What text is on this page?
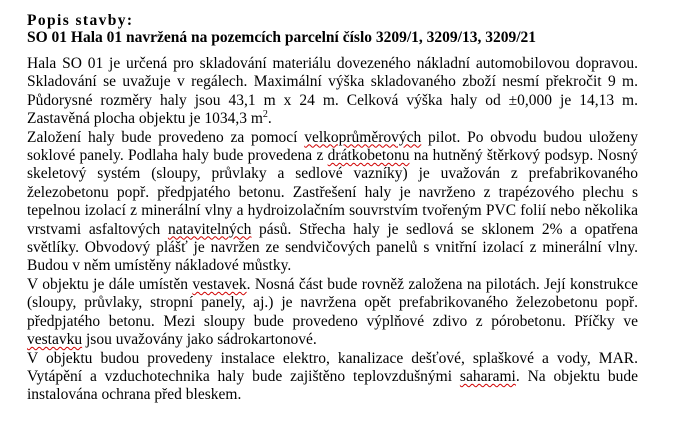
Popis stavby:
SO 01 Hala 01 navržená na pozemcích parcelní číslo 3209/1, 3209/13, 3209/21

Hala SO 01 je určená pro skladování materiálu dovezeného nákladní automobilovou dopravou. Skladování se uvažuje v regálech. Maximální výška skladovaného zboží nesmí překročit 9 m. Půdorysné rozměry haly jsou 43,1 m x 24 m. Celková výška haly od ±0,000 je 14,13 m. Zastavěná plocha objektu je 1034,3 $m^2$.

Založení haly bude provedeno za pomocí velkoprůměrových pilot. Po obvodu budou uloženy soklové panely. Podlaha haly bude provedena z drátkobetonu na hutněný štěrkový podsyp. Nosný skeletový systém (sloupy, průvlaky a sedlové vazníky) je uvažován z prefabrikovaného železobetonu popř. předpjatého betonu. Zastřešení haly je navrženo z trapézového plechu s tepelnou izolací z minerální vlny a hydroizolačním souvrstvím tvořeným PVC folií nebo několika vrstvami asfaltových natavitelných pásů. Střecha haly je sedlová se sklonem 2% a opatřena světlíky. Obvodový plášť je navržen ze sendvičových panelů s vnitřní izolací z minerální vlny. Budou v něm umístěny nákladové můstky.

V objektu je dále umístěn vestavek. Nosná část bude rovněž založena na pilotách. Její konstrukce (sloupy, průvlaky, stropní panely, aj.) je navržena opět prefabrikovaného železobetonu popř. předpjatého betonu. Mezi sloupy bude provedeno výplňové zdivo z pórobetonu. Příčky ve vestavku jsou uvažovány jako sádrokartonové.

V objektu budou provedeny instalace elektro, kanalizace dešťové, splaškové a vody, MAR. Vytápění a vzduchotechnika haly bude zajištěno teplovzdušnými saharami. Na objektu bude instalována ochrana před bleskem.
